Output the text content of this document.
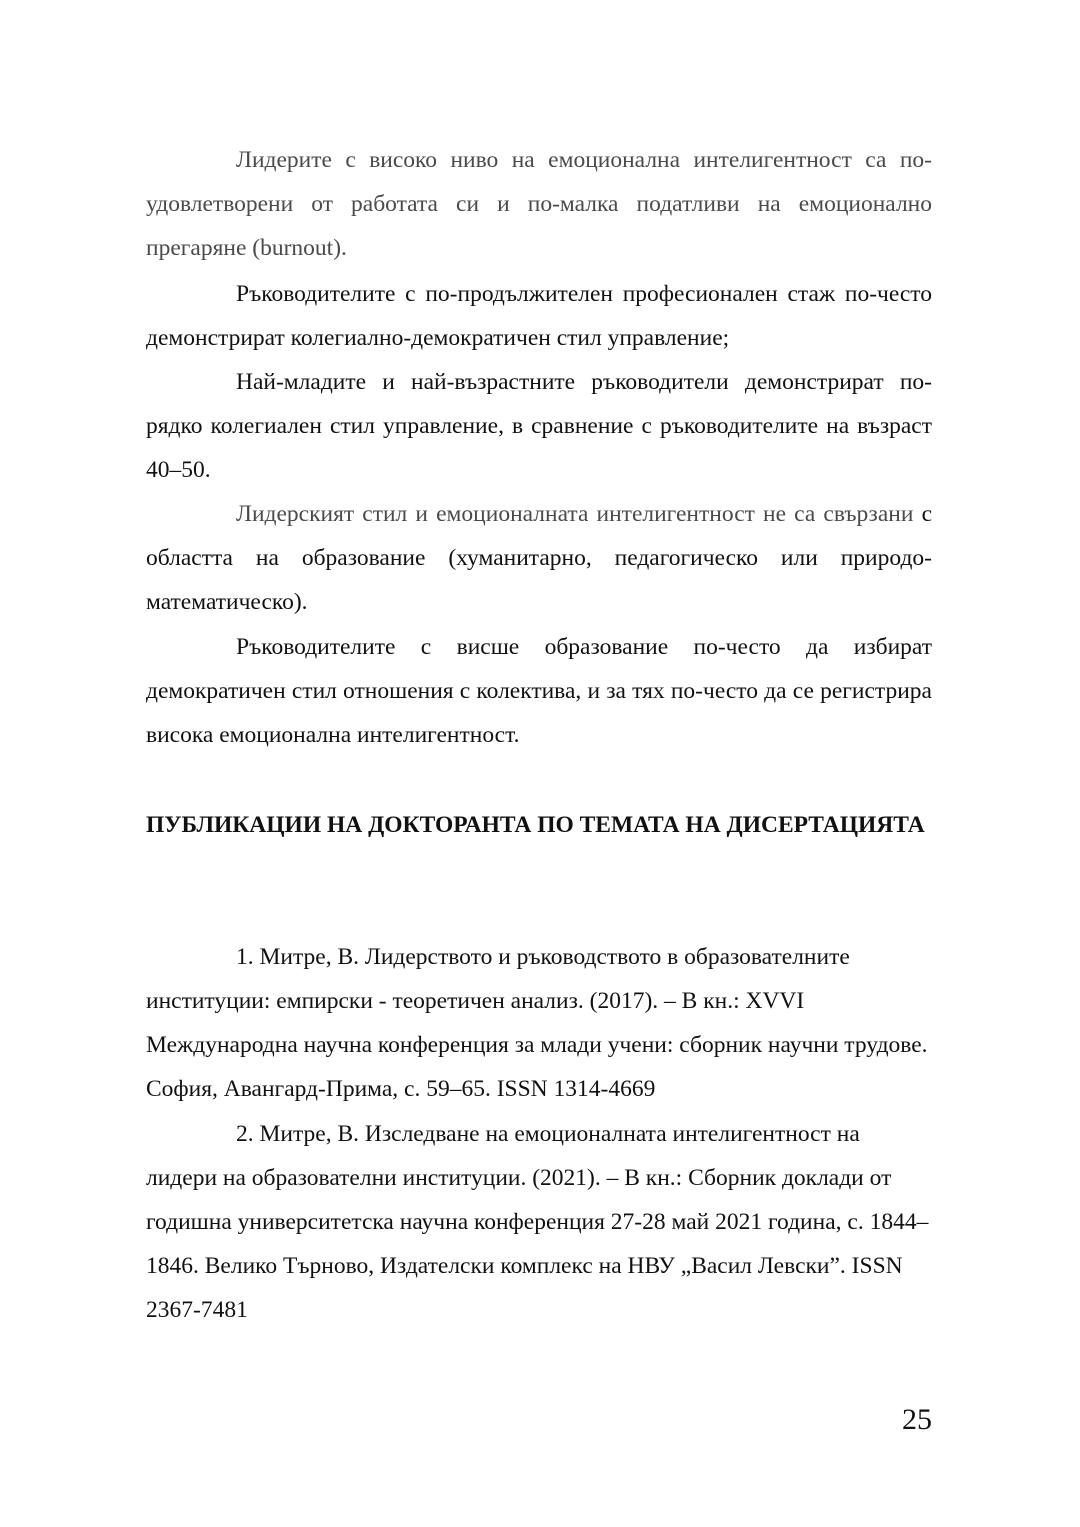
Лидерите с високо ниво на емоционална интелигентност са по-удовлетворени от работата си и по-малка податливи на емоционално прегаряне (burnout).

Ръководителите с по-продължителен професионален стаж по-често демонстрират колегиално-демократичен стил управление;

Най-младите и най-възрастните ръководители демонстрират по-рядко колегиален стил управление, в сравнение с ръководителите на възраст 40–50.

Лидерският стил и емоционалната интелигентност не са свързани с областта на образование (хуманитарно, педагогическо или природо-математическо).

Ръководителите с висше образование по-често да избират демократичен стил отношения с колектива, и за тях по-често да се регистрира висока емоционална интелигентност.

ПУБЛИКАЦИИ НА ДОКТОРАНТА ПО ТЕМАТА НА ДИСЕРТАЦИЯТА

1. Митре, В. Лидерството и ръководството в образователните институции: емпирски - теоретичен анализ. (2017). – В кн.: XVVI Международна научна конференция за млади учени: сборник научни трудове. София, Авангард-Прима, с. 59–65. ISSN 1314-4669

2. Митре, В. Изследване на емоционалната интелигентност на лидери на образователни институции. (2021). – В кн.: Сборник доклади от годишна университетска научна конференция 27-28 май 2021 година, с. 1844–1846. Велико Търново, Издателски комплекс на НВУ „Васил Левски”. ISSN 2367-7481

25
